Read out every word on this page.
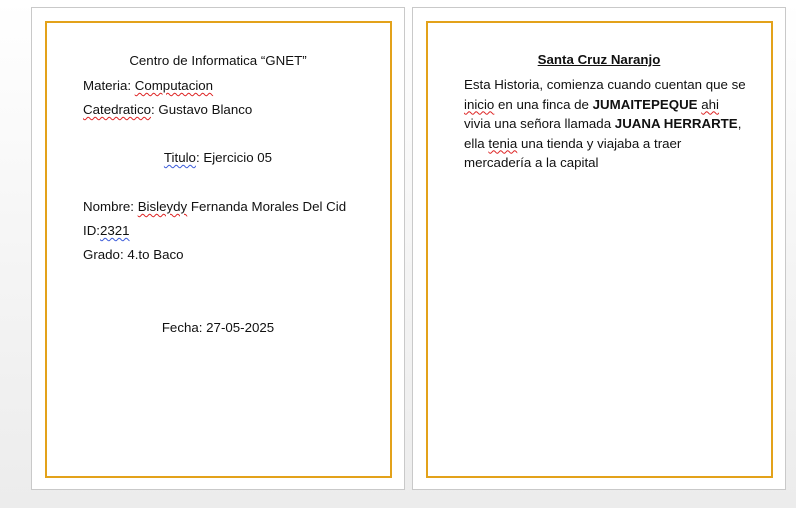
Centro de Informatica “GNET”
Materia: Computacion
Catedratico: Gustavo Blanco
Titulo: Ejercicio 05
Nombre: Bisleydy Fernanda Morales Del Cid
ID:2321
Grado: 4.to Baco
Fecha: 27-05-2025
Santa Cruz Naranjo
Esta Historia, comienza cuando cuentan que se inicio en una finca de JUMAITEPEQUE ahi vivia una señora llamada JUANA HERRARTE, ella tenia una tienda y viajaba a traer mercadería a la capital
